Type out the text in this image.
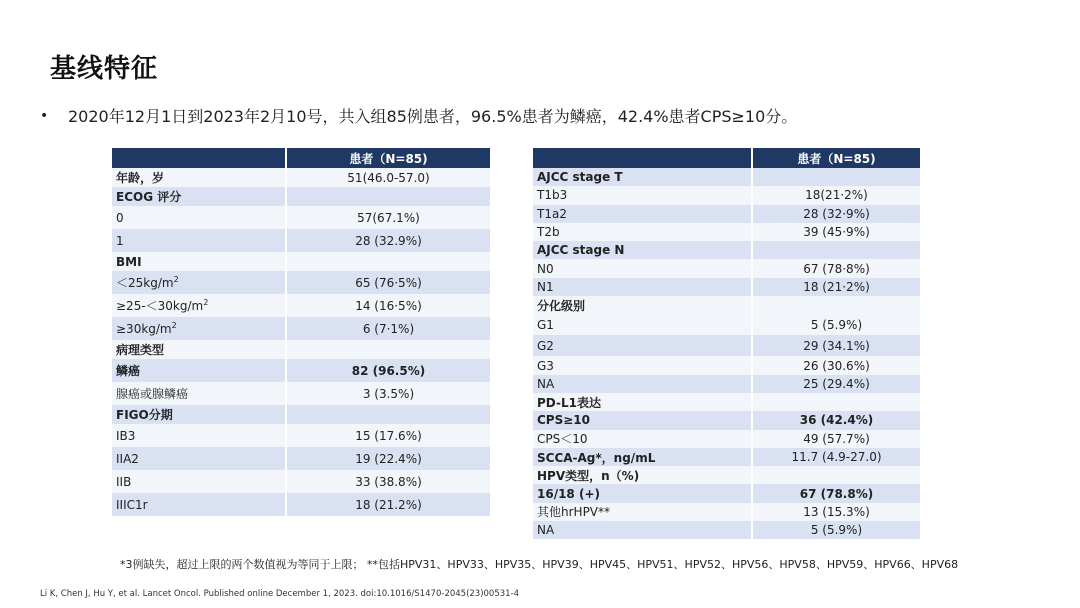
基线特征
•	2020年12月1日到2023年2月10号，共入组85例患者，96.5%患者为鳞癌，42.4%患者CPS≥10分。
	患者（N=85)
年龄，岁	51(46.0-57.0)
ECOG 评分	
0	57(67.1%)
1	28 (32.9%)
BMI	
$<25kg/m^2$	65 (76·5%)
$\ge 25-<30kg/m^2$	14 (16·5%)
$\ge 30kg/m^2$	6 (7·1%)
病理类型	
鳞癌	82 (96.5%)
腺癌或腺鳞癌	3 (3.5%)
FIGO分期	
IB3	15 (17.6%)
IIA2	19 (22.4%)
IIB	33 (38.8%)
IIIC1r	18 (21.2%)
	患者（N=85)
AJCC stage T	
T1b3	18(21·2%)
T1a2	28 (32·9%)
T2b	39 (45·9%)
AJCC stage N	
N0	67 (78·8%)
N1	18 (21·2%)
分化级别	
G1	5 (5.9%)
G2	29 (34.1%)
G3	26 (30.6%)
NA	25 (29.4%)
PD-L1表达	
CPS≥10	36 (42.4%)
CPS＜10	49 (57.7%)
SCCA-Ag*，ng/mL	11.7 (4.9-27.0)
HPV类型，n（%)	
16/18 (+)	67 (78.8%)
其他hrHPV**	13 (15.3%)
NA	5 (5.9%)
*3例缺失，超过上限的两个数值视为等同于上限； **包括HPV31、HPV33、HPV35、HPV39、HPV45、HPV51、HPV52、HPV56、HPV58、HPV59、HPV66、HPV68
Li K, Chen J, Hu Y, et al. Lancet Oncol. Published online December 1, 2023. doi:10.1016/S1470-2045(23)00531-4
